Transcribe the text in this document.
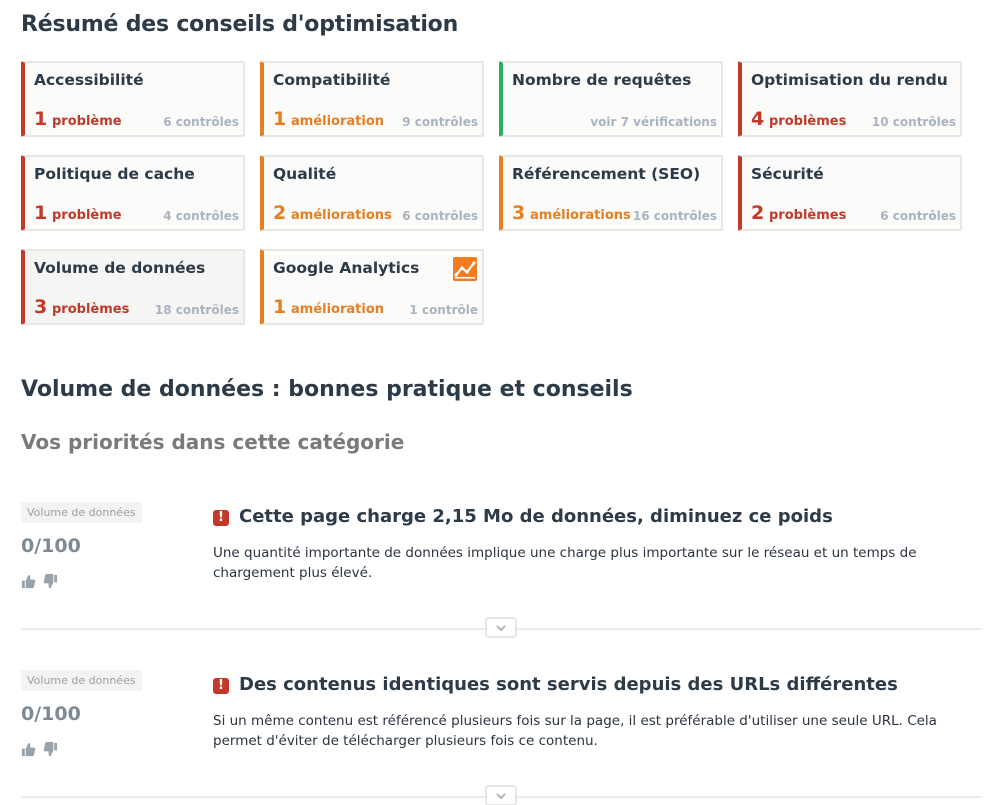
Résumé des conseils d'optimisation
Accessibilité
1 problème	6 contrôles
Compatibilité
1 amélioration 9 contrôles
Nombre de requêtes
voir 7 vérifications
Optimisation du rendu
4 problèmes 10 contrôles
Politique de cache
1 problème	4 contrôles
Qualité
2 améliorations 6 contrôles
Référencement (SEO)
3 améliorations 16 contrôles
Sécurité
2 problèmes	6 contrôles
Volume de données
3 problèmes 18 contrôles
Google Analytics
1 amélioration 1 contrôle
Volume de données : bonnes pratique et conseils
Vos priorités dans cette catégorie
Volume de données
0/100
! Cette page charge 2,15 Mo de données, diminuez ce poids
Une quantité importante de données implique une charge plus importante sur le réseau et un temps de chargement plus élevé.
Volume de données
0/100
! Des contenus identiques sont servis depuis des URLs différentes
Si un même contenu est référencé plusieurs fois sur la page, il est préférable d'utiliser une seule URL. Cela permet d'éviter de télécharger plusieurs fois ce contenu.
